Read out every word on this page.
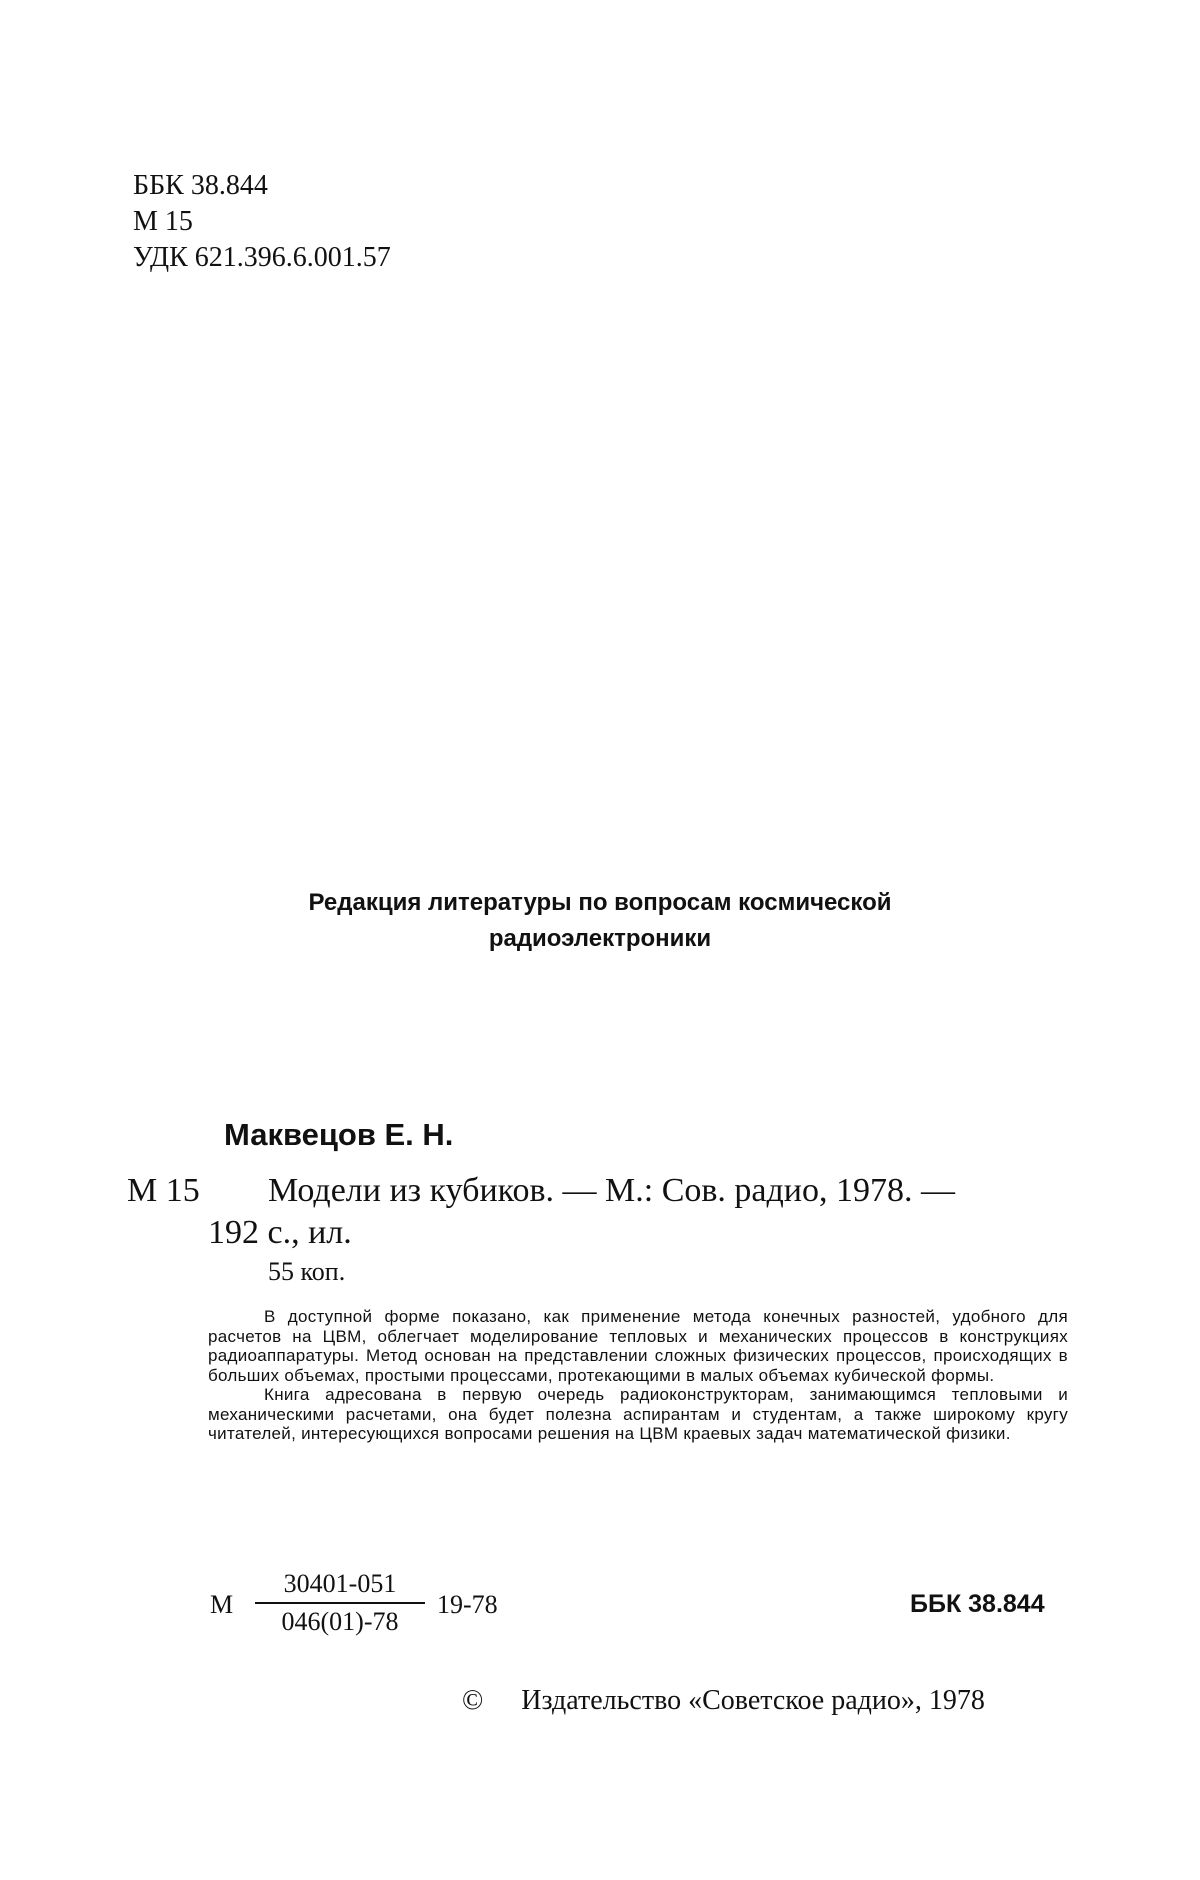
ББК 38.844
М 15
УДК 621.396.6.001.57
Редакция литературы по вопросам космической
радиоэлектроники
Маквецов Е. Н.
М 15 Модели из кубиков. — М.: Сов. радио, 1978. —
192 с., ил.
55 коп.

В доступной форме показано, как применение метода конечных разностей, удобного для расчетов на ЦВМ, облегчает моделирование тепловых и механических процессов в конструкциях радиоаппаратуры. Метод основан на представлении сложных физических процессов, происходящих в больших объемах, простыми процессами, протекающими в малых объемах кубической формы.

Книга адресована в первую очередь радиоконструкторам, занимающимся тепловыми и механическими расчетами, она будет полезна аспирантам и студентам, а также широкому кругу читателей, интересующихся вопросами решения на ЦВМ краевых задач математической физики.

М $\frac{30401-051}{046(01)-78} 19-78$	ББК 38.844
© Издательство «Советское радио», 1978
